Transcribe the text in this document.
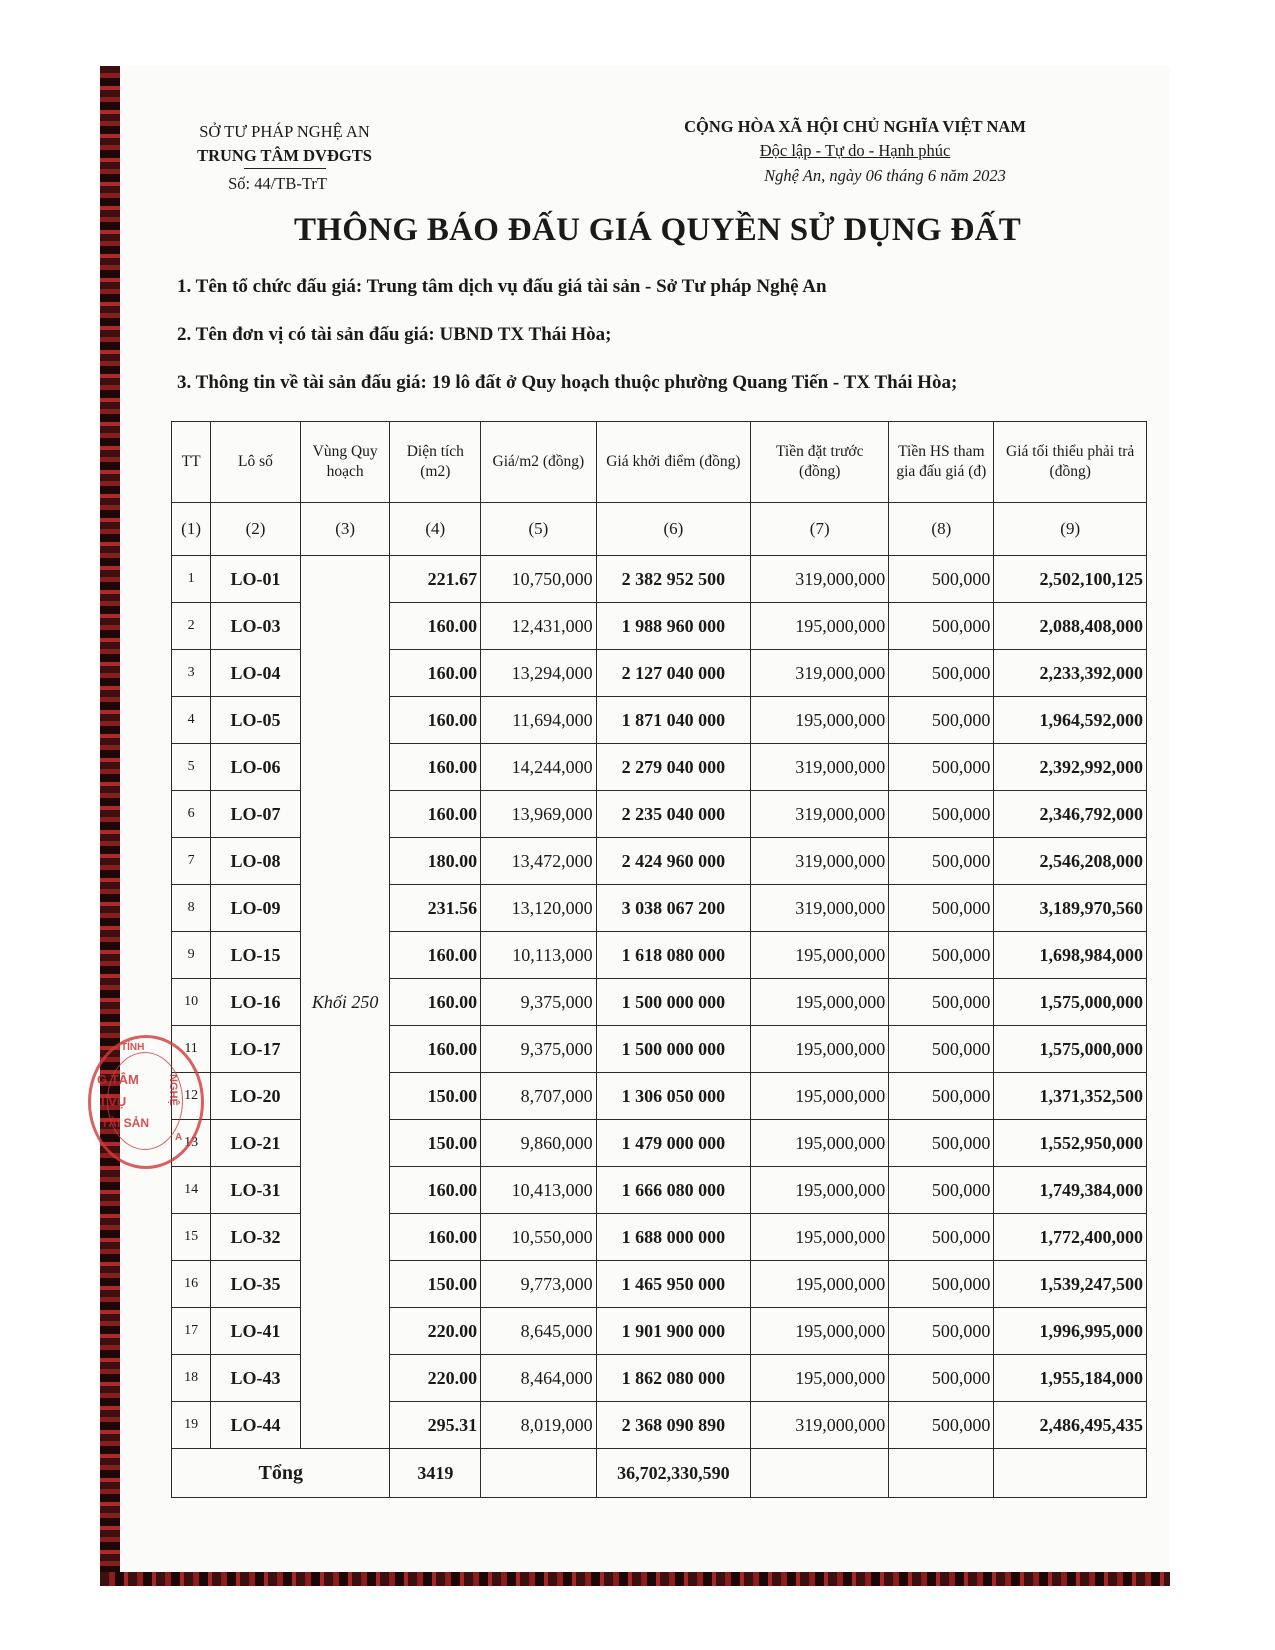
SỞ TƯ PHÁP NGHỆ AN
TRUNG TÂM DVĐGTS
Số: 44/TB-TrT
CỘNG HÒA XÃ HỘI CHỦ NGHĨA VIỆT NAM
Độc lập - Tự do - Hạnh phúc
Nghệ An, ngày 06 tháng 6 năm 2023
THÔNG BÁO ĐẤU GIÁ QUYỀN SỬ DỤNG ĐẤT
1. Tên tổ chức đấu giá: Trung tâm dịch vụ đấu giá tài sản - Sở Tư pháp Nghệ An
2. Tên đơn vị có tài sản đấu giá: UBND TX Thái Hòa;
3. Thông tin về tài sản đấu giá: 19 lô đất ở Quy hoạch thuộc phường Quang Tiến - TX Thái Hòa;
TT	Lô số	Vùng Quy hoạch	Diện tích (m2)	Giá/m2 (đồng)	Giá khởi điểm (đồng)	Tiền đặt trước (đồng)	Tiền HS tham gia đấu giá (đ)	Giá tối thiểu phải trả (đồng)
(1)	(2)	(3)	(4)	(5)	(6)	(7)	(8)	(9)
1	LO-01	Khối 250	221.67	10,750,000	2 382 952 500	319,000,000	500,000	2,502,100,125
2	LO-03		160.00	12,431,000	1 988 960 000	195,000,000	500,000	2,088,408,000
3	LO-04		160.00	13,294,000	2 127 040 000	319,000,000	500,000	2,233,392,000
4	LO-05		160.00	11,694,000	1 871 040 000	195,000,000	500,000	1,964,592,000
5	LO-06		160.00	14,244,000	2 279 040 000	319,000,000	500,000	2,392,992,000
6	LO-07		160.00	13,969,000	2 235 040 000	319,000,000	500,000	2,346,792,000
7	LO-08		180.00	13,472,000	2 424 960 000	319,000,000	500,000	2,546,208,000
8	LO-09		231.56	13,120,000	3 038 067 200	319,000,000	500,000	3,189,970,560
9	LO-15		160.00	10,113,000	1 618 080 000	195,000,000	500,000	1,698,984,000
10	LO-16		160.00	9,375,000	1 500 000 000	195,000,000	500,000	1,575,000,000
11	LO-17		160.00	9,375,000	1 500 000 000	195,000,000	500,000	1,575,000,000
12	LO-20		150.00	8,707,000	1 306 050 000	195,000,000	500,000	1,371,352,500
13	LO-21		150.00	9,860,000	1 479 000 000	195,000,000	500,000	1,552,950,000
14	LO-31		160.00	10,413,000	1 666 080 000	195,000,000	500,000	1,749,384,000
15	LO-32		160.00	10,550,000	1 688 000 000	195,000,000	500,000	1,772,400,000
16	LO-35		150.00	9,773,000	1 465 950 000	195,000,000	500,000	1,539,247,500
17	LO-41		220.00	8,645,000	1 901 900 000	195,000,000	500,000	1,996,995,000
18	LO-43		220.00	8,464,000	1 862 080 000	195,000,000	500,000	1,955,184,000
19	LO-44		295.31	8,019,000	2 368 090 890	319,000,000	500,000	2,486,495,435
Tổng			3419		36,702,330,590			
TỈNH
G TÂM
I VỤ
TÀI SẢN
NGHỆ
A
